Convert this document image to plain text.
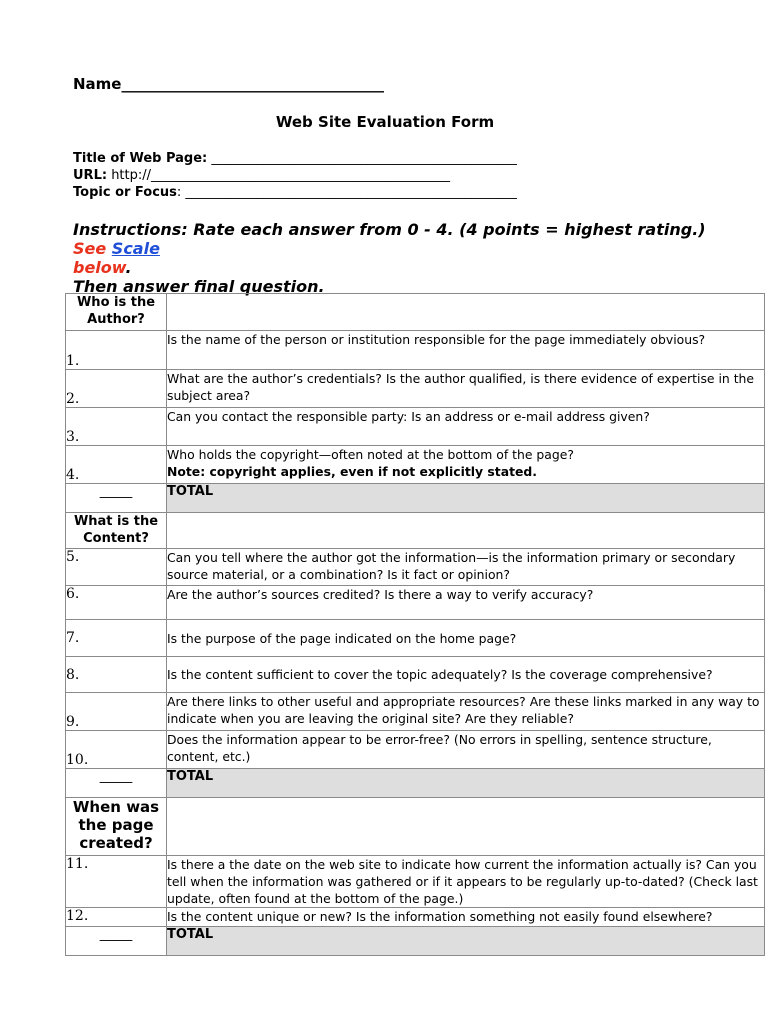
Name___________________________________
Web Site Evaluation Form
Title of Web Page: _______________________________________________
URL: http://______________________________________________
Topic or Focus: ___________________________________________________
Instructions: Rate each answer from 0 - 4. (4 points = highest rating.) See Scale
below.
Then answer final question.
Who is the Author?	
1.	Is the name of the person or institution responsible for the page immediately obvious?
2.	What are the author’s credentials? Is the author qualified, is there evidence of expertise in the subject area?
3.	Can you contact the responsible party: Is an address or e-mail address given?
4.	Who holds the copyright—often noted at the bottom of the page?
Note: copyright applies, even if not explicitly stated.
_____	TOTAL
What is the Content?	
5.	Can you tell where the author got the information—is the information primary or secondary source material, or a combination? Is it fact or opinion?
6.	Are the author’s sources credited? Is there a way to verify accuracy?
7.	Is the purpose of the page indicated on the home page?
8.	Is the content sufficient to cover the topic adequately? Is the coverage comprehensive?
9.	Are there links to other useful and appropriate resources? Are these links marked in any way to indicate when you are leaving the original site? Are they reliable?
10.	Does the information appear to be error-free? (No errors in spelling, sentence structure, content, etc.)
_____	TOTAL
When was the page created?	
11.	Is there a the date on the web site to indicate how current the information actually is? Can you tell when the information was gathered or if it appears to be regularly up-to-dated? (Check last update, often found at the bottom of the page.)
12.	Is the content unique or new? Is the information something not easily found elsewhere?
_____	TOTAL
